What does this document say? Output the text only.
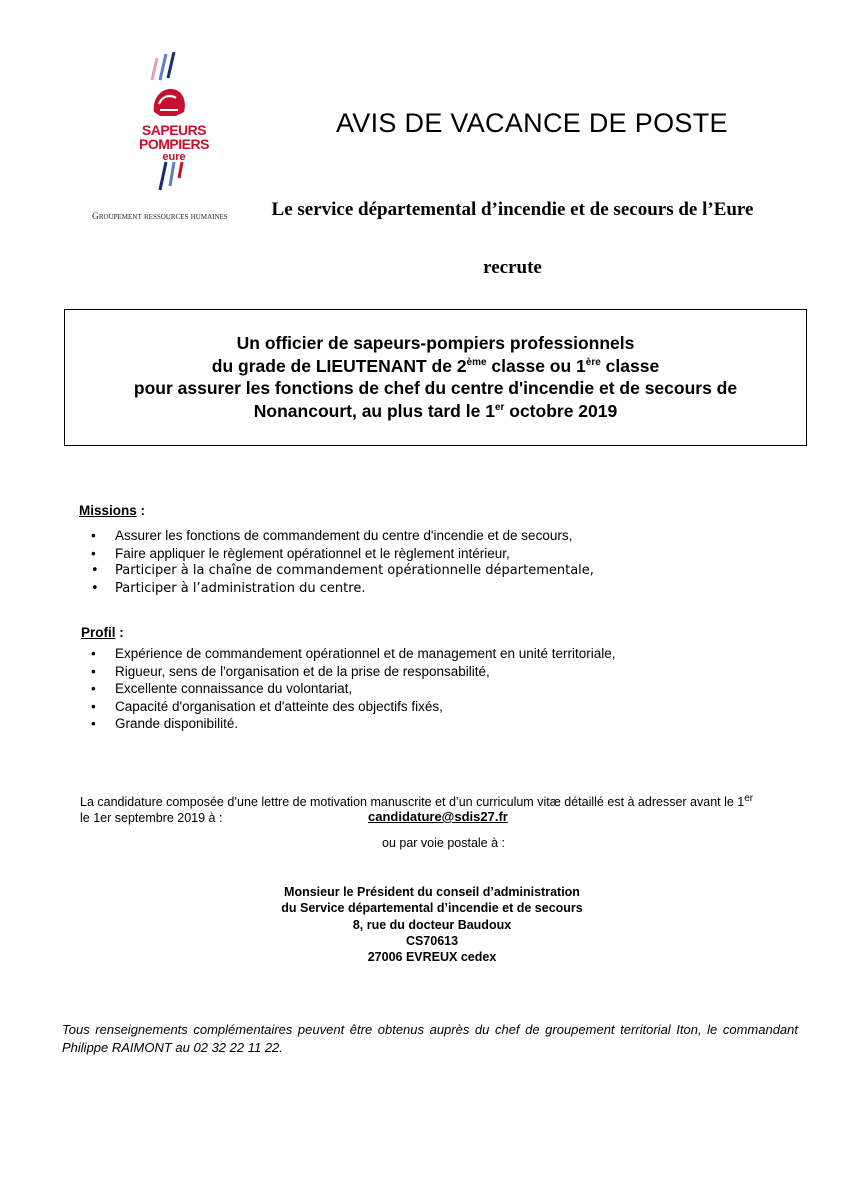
SAPEURS
POMPIERS
eure
Groupement ressources humaines
AVIS DE VACANCE DE POSTE
Le service départemental d’incendie et de secours de l’Eure
recrute
Un officier de sapeurs-pompiers professionnels
du grade de LIEUTENANT de 2ème classe ou 1ère classe
pour assurer les fonctions de chef du centre d'incendie et de secours de
Nonancourt, au plus tard le 1er octobre 2019
Missions :
• Assurer les fonctions de commandement du centre d'incendie et de secours,
• Faire appliquer le règlement opérationnel et le règlement intérieur,
• Participer à la chaîne de commandement opérationnelle départementale,
• Participer à l’administration du centre.
Profil :
• Expérience de commandement opérationnel et de management en unité territoriale,
• Rigueur, sens de l'organisation et de la prise de responsabilité,
• Excellente connaissance du volontariat,
• Capacité d'organisation et d'atteinte des objectifs fixés,
• Grande disponibilité.
La candidature composée d’une lettre de motivation manuscrite et d’un curriculum vitæ détaillé est à adresser avant le 1er
le 1er septembre 2019 à :	candidature@sdis27.fr
ou par voie postale à :
Monsieur le Président du conseil d’administration
du Service départemental d’incendie et de secours
8, rue du docteur Baudoux
CS70613
27006 EVREUX cedex
Tous renseignements complémentaires peuvent être obtenus auprès du chef de groupement territorial Iton, le commandant
Philippe RAIMONT au 02 32 22 11 22.
